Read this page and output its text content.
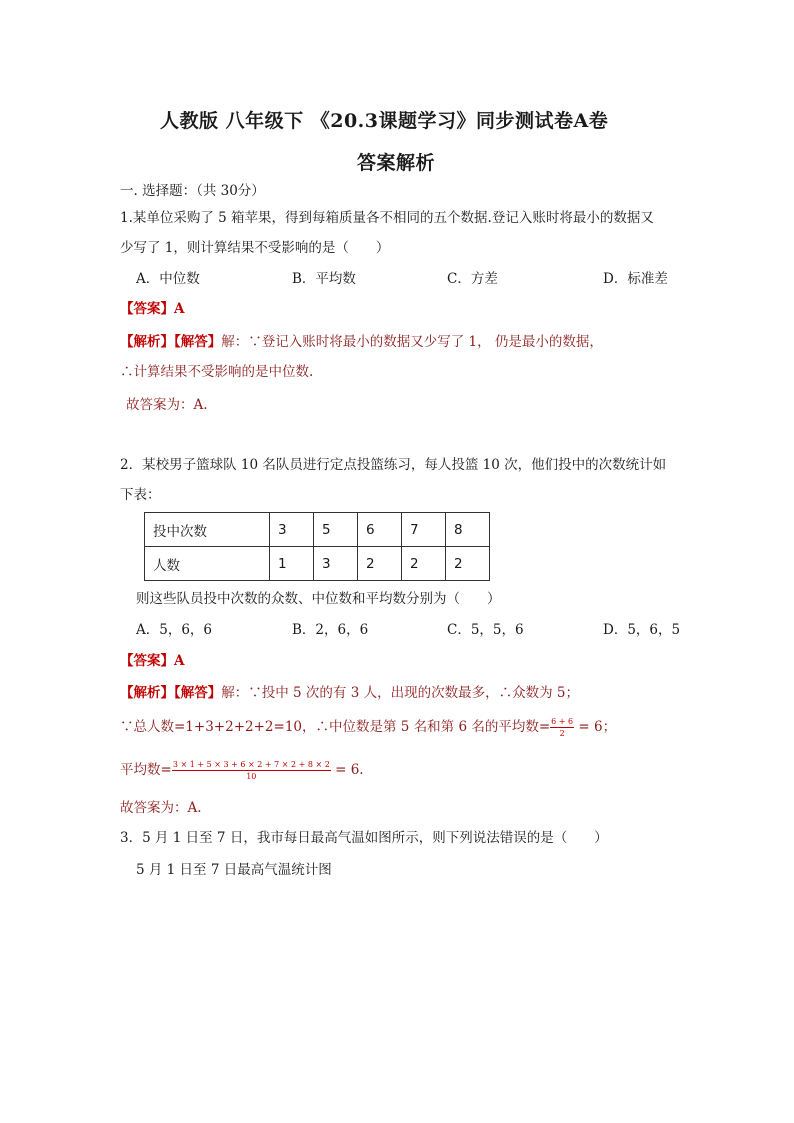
人教版 八年级下 《20.3课题学习》同步测试卷A卷
答案解析
一. 选择题：（共 30分）
1.某单位采购了 5 箱苹果，得到每箱质量各不相同的五个数据.登记入账时将最小的数据又
少写了 1，则计算结果不受影响的是（　　）
A．中位数	B．平均数	C．方差	D．标准差
【答案】A
【解析】【解答】解：∵登记入账时将最小的数据又少写了 1， 仍是最小的数据，
∴计算结果不受影响的是中位数.
故答案为：A.
2．某校男子篮球队 10 名队员进行定点投篮练习，每人投篮 10 次，他们投中的次数统计如
下表：
投中次数	3	5	6	7	8
人数	1	3	2	2	2
则这些队员投中次数的众数、中位数和平均数分别为（　　）
A．5，6，6	B．2，6，6	C．5，5，6	D．5，6，5
【答案】A
【解析】【解答】解：∵投中 5 次的有 3 人，出现的次数最多，∴众数为 5；
∵总人数=1+3+2+2+2=10，∴中位数是第 5 名和第 6 名的平均数= $\frac{6 + 6}{2} = 6$；
平均数= $\frac{3 \times 1 + 5 \times 3 + 6 \times 2 + 7 \times 2 + 8 \times 2}{10} = 6$.
故答案为：A.
3．5 月 1 日至 7 日，我市每日最高气温如图所示，则下列说法错误的是（　　）
5 月 1 日至 7 日最高气温统计图
